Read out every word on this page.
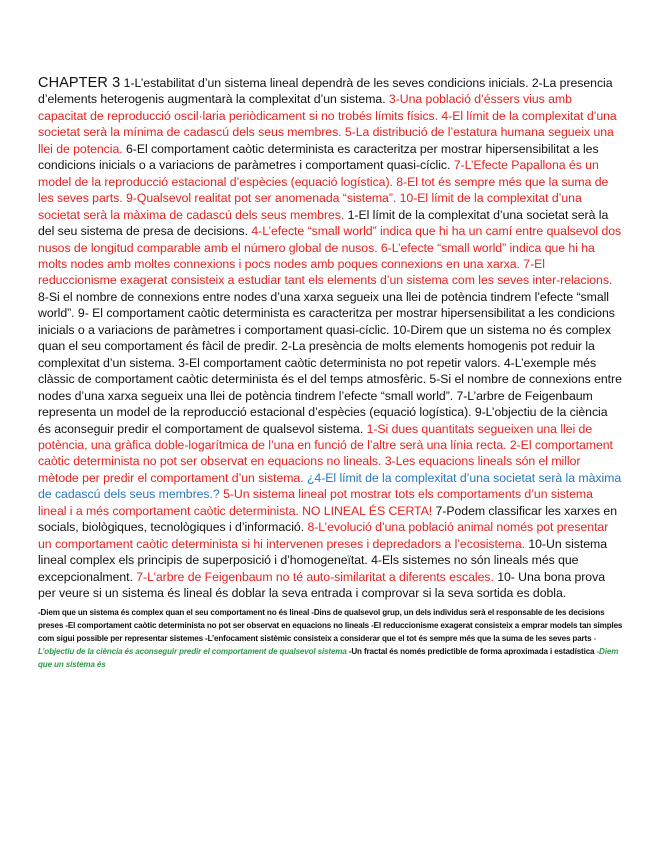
CHAPTER 3 1-L’estabilitat d’un sistema lineal dependrà de les seves condicions inicials. 2-La presencia d’elements heterogenis augmentarà la complexitat d’un sistema. 3-Una població d’éssers vius amb capacitat de reproducció oscil·laria periòdicament si no trobés límits físics. 4-El límit de la complexitat d’una societat serà la mínima de cadascú dels seus membres. 5-La distribució de l’estatura humana segueix una llei de potencia. 6-El comportament caòtic determinista es caracteritza per mostrar hipersensibilitat a les condicions inicials o a variacions de paràmetres i comportament quasi-cíclic. 7-L’Efecte Papallona és un model de la reproducció estacional d’espècies (equació logística). 8-El tot és sempre més que la suma de les seves parts. 9-Qualsevol realitat pot ser anomenada “sistema”. 10-El límit de la complexitat d’una societat serà la màxima de cadascú dels seus membres. 1-El límit de la complexitat d’una societat serà la del seu sistema de presa de decisions. 4-L’efecte “small world” indica que hi ha un camí entre qualsevol dos nusos de longitud comparable amb el número global de nusos. 6-L’efecte “small world” indica que hi ha molts nodes amb moltes connexions i pocs nodes amb poques connexions en una xarxa. 7-El reduccionisme exagerat consisteix a estudiar tant els elements d’un sistema com les seves inter-relacions. 8-Si el nombre de connexions entre nodes d’una xarxa segueix una llei de potència tindrem l’efecte “small world”. 9- El comportament caòtic determinista es caracteritza per mostrar hipersensibilitat a les condicions inicials o a variacions de paràmetres i comportament quasi-cíclic. 10-Direm que un sistema no és complex quan el seu comportament és fàcil de predir. 2-La presència de molts elements homogenis pot reduir la complexitat d’un sistema. 3-El comportament caòtic determinista no pot repetir valors. 4-L’exemple més clàssic de comportament caòtic determinista és el del temps atmosfèric. 5-Si el nombre de connexions entre nodes d’una xarxa segueix una llei de potència tindrem l’efecte “small world”. 7-L’arbre de Feigenbaum representa un model de la reproducció estacional d’espècies (equació logística). 9-L’objectiu de la ciència és aconseguir predir el comportament de qualsevol sistema. 1-Si dues quantitats segueixen una llei de potència, una gràfica doble-logarítmica de l’una en funció de l’altre serà una línia recta. 2-El comportament caòtic determinista no pot ser observat en equacions no lineals. 3-Les equacions lineals són el millor mètode per predir el comportament d’un sistema. ¿4-El límit de la complexitat d’una societat serà la màxima de cadascú dels seus membres.? 5-Un sistema lineal pot mostrar tots els comportaments d’un sistema lineal i a més comportament caòtic determinista. NO LINEAL ÉS CERTA! 7-Podem classificar les xarxes en socials, biològiques, tecnològiques i d’informació. 8-L’evolució d’una població animal només pot presentar un comportament caòtic determinista si hi intervenen preses i depredadors a l’ecosistema. 10-Un sistema lineal complex els principis de superposició i d’homogeneïtat. 4-Els sistemes no són lineals més que excepcionalment. 7-L’arbre de Feigenbaum no té auto-similaritat a diferents escales. 10- Una bona prova per veure si un sistema és lineal és doblar la seva entrada i comprovar si la seva sortida es dobla.

-Diem que un sistema és complex quan el seu comportament no és lineal -Dins de qualsevol grup, un dels individus serà el responsable de les decisions preses -El comportament caòtic determinista no pot ser observat en equacions no lineals -El reduccionisme exagerat consisteix a emprar models tan simples com sigui possible per representar sistemes -L’enfocament sistèmic consisteix a considerar que el tot és sempre més que la suma de les seves parts -L’objectiu de la ciència és aconseguir predir el comportament de qualsevol sistema -Un fractal és només predictible de forma aproximada i estadística -Diem que un sistema és
